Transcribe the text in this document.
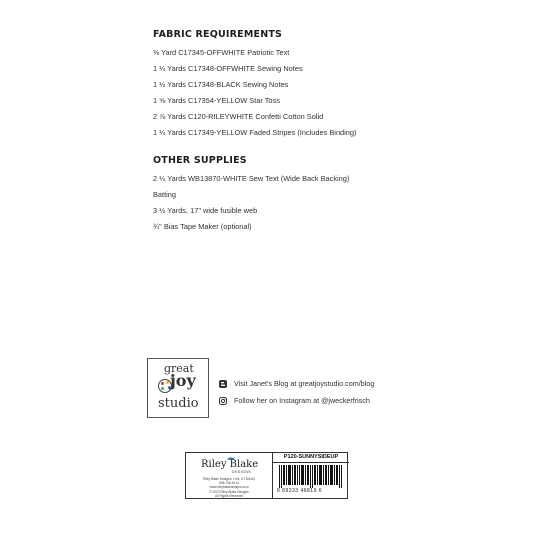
FABRIC REQUIREMENTS
⅜ Yard C17345-OFFWHITE Patriotic Text
1 ¼ Yards C17348-OFFWHITE Sewing Notes
1 ½ Yards C17348-BLACK Sewing Notes
1 ⅝ Yards C17354-YELLOW Star Toss
2 ⅞ Yards C120-RILEYWHITE Confetti Cotton Solid
1 ¼ Yards C17349-YELLOW Faded Stripes (Includes Binding)
OTHER SUPPLIES
2 ¼ Yards WB13870-WHITE Sew Text (Wide Back Backing)
Batting
3 ½ Yards, 17" wide fusible web
¾" Bias Tape Maker (optional)
great
joy
studio
Visit Janet's Blog at greatjoystudio.com/blog
Follow her on Instagram at @jweckerfrisch
Riley Blake
DESIGNS
Riley Blake Designs, Lehi, UT 84043
866.748.4414
www.rileyblakedesigns.com
© 2023 Riley Blake Designs
All Rights Reserved
P120-SUNNYSIDEUP
8 89333 46819 6
